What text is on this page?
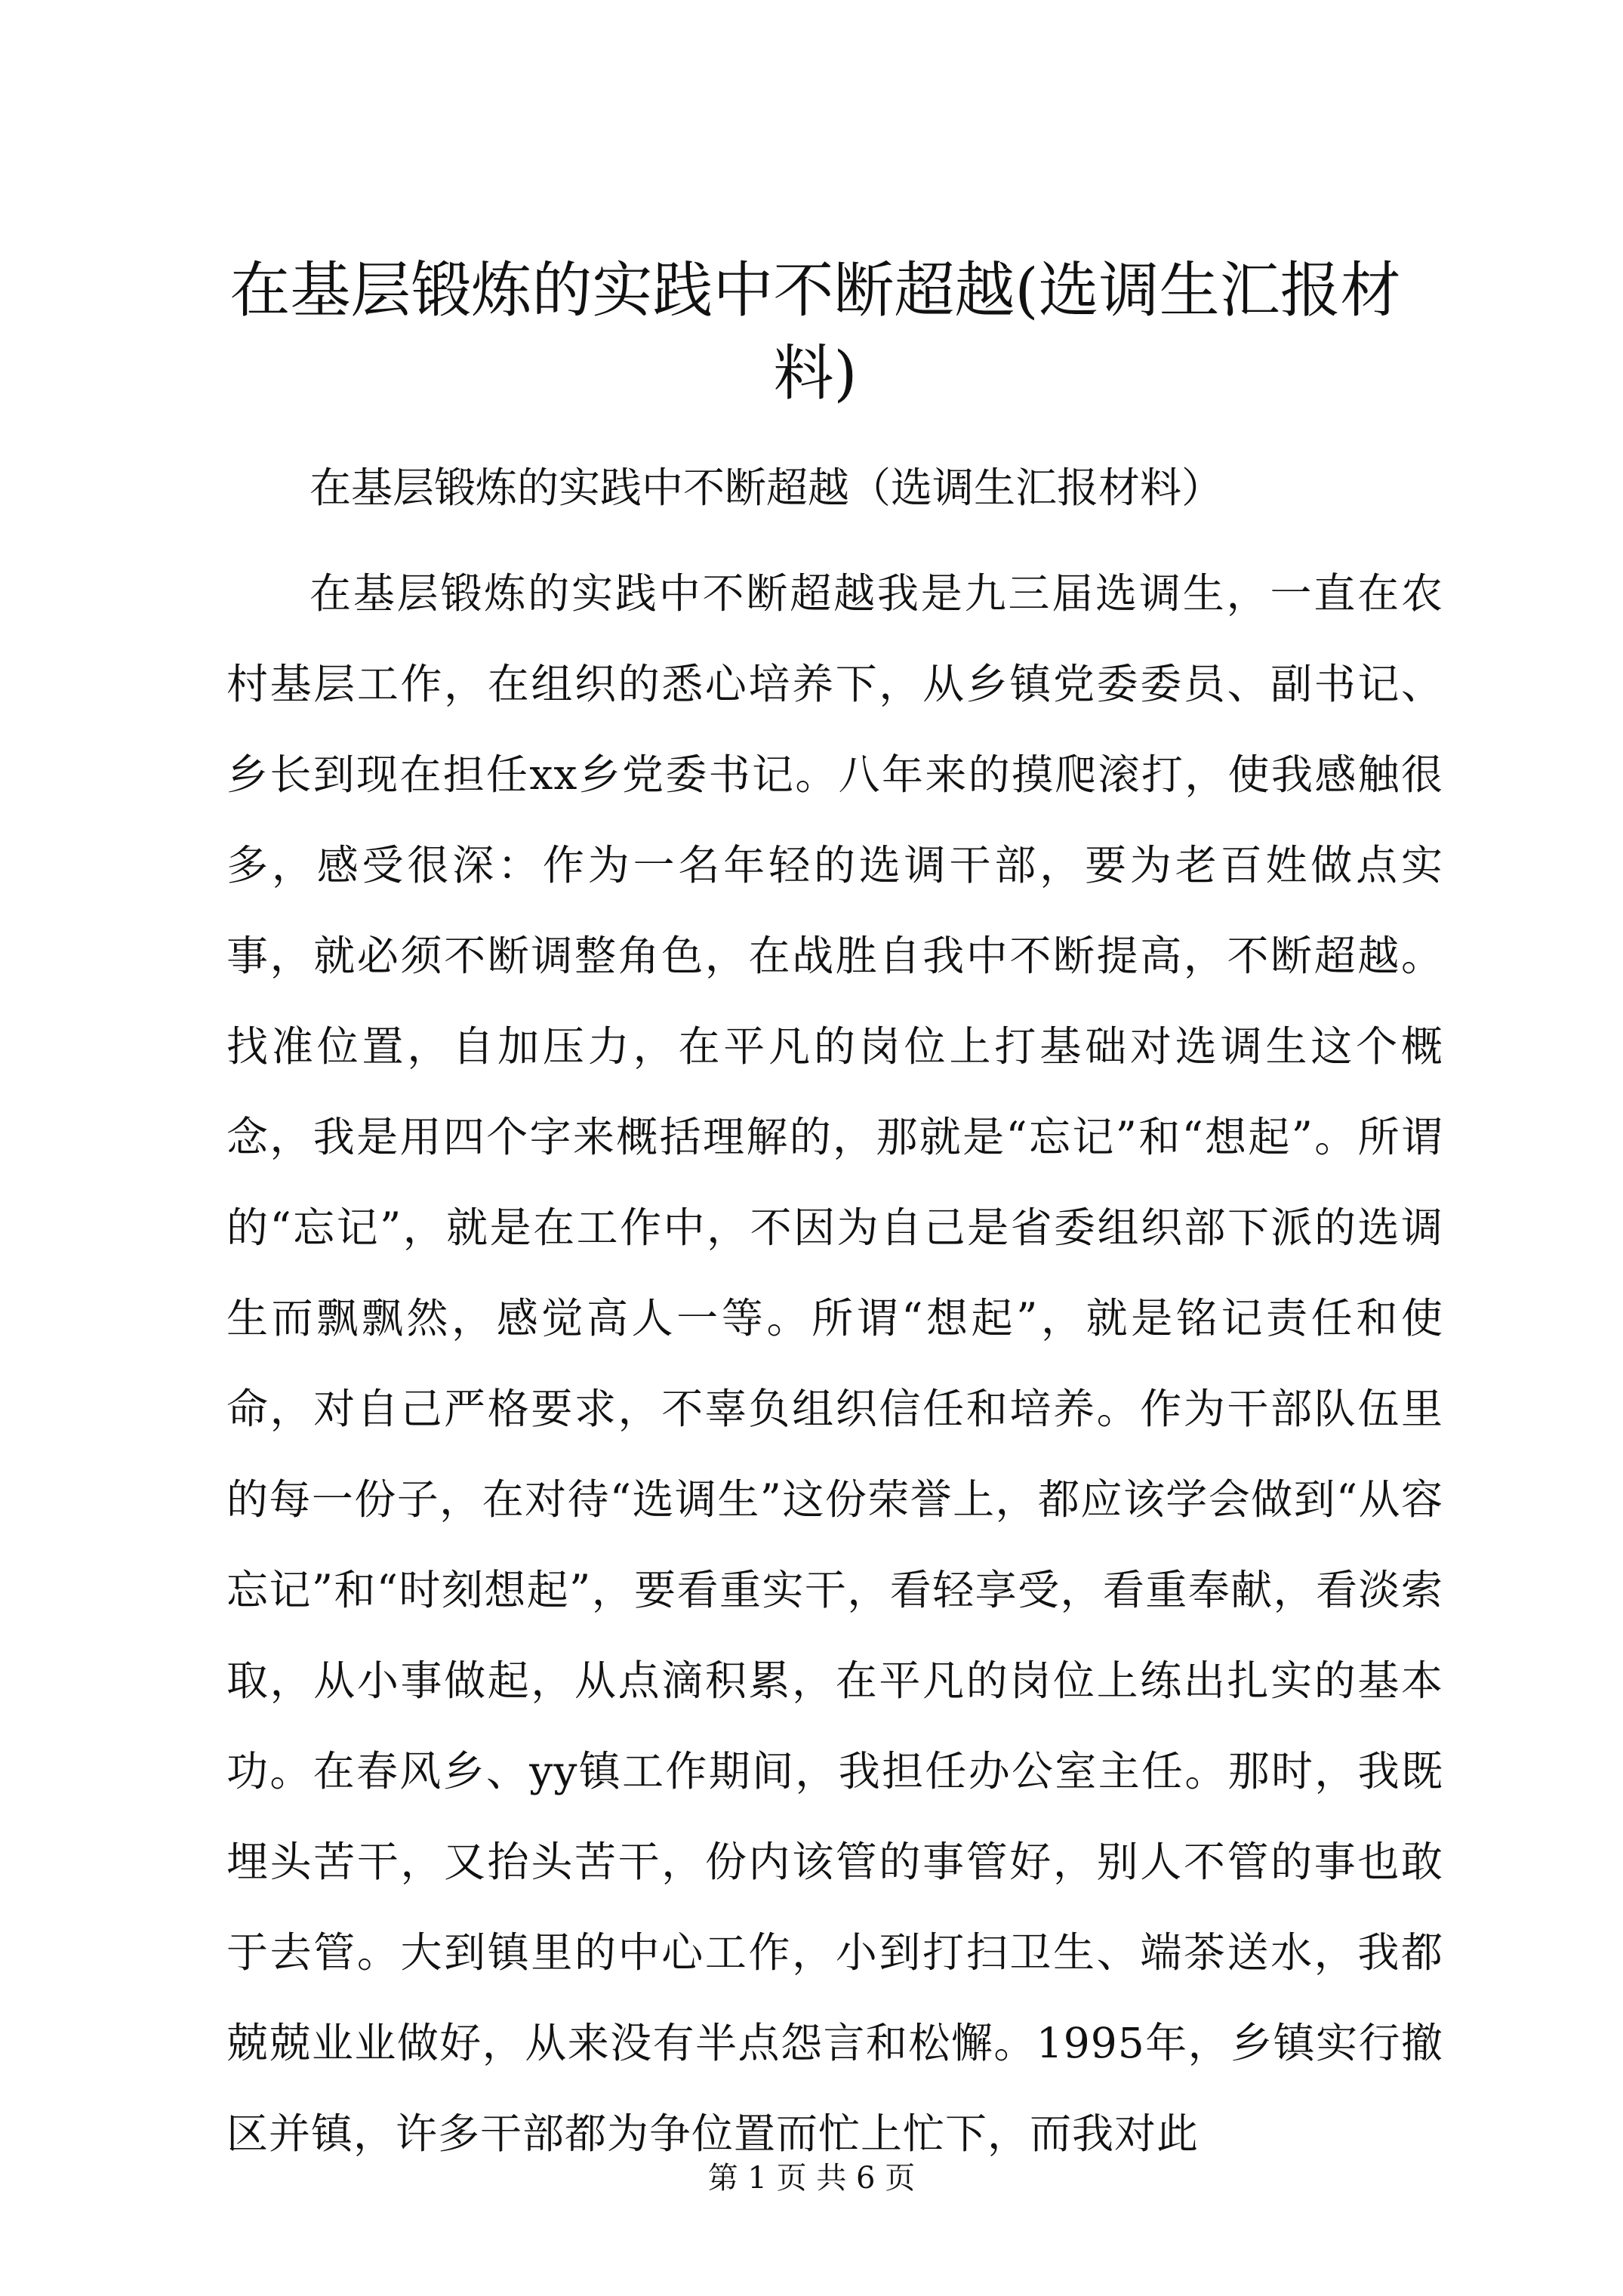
在基层锻炼的实践中不断超越(选调生汇报材料)

在基层锻炼的实践中不断超越（选调生汇报材料）

在基层锻炼的实践中不断超越我是九三届选调生，一直在农村基层工作，在组织的悉心培养下，从乡镇党委委员、副书记、乡长到现在担任xx乡党委书记。八年来的摸爬滚打，使我感触很多，感受很深：作为一名年轻的选调干部，要为老百姓做点实事，就必须不断调整角色，在战胜自我中不断提高，不断超越。找准位置，自加压力，在平凡的岗位上打基础对选调生这个概念，我是用四个字来概括理解的，那就是“忘记”和“想起”。所谓的“忘记”，就是在工作中，不因为自己是省委组织部下派的选调生而飘飘然，感觉高人一等。所谓“想起”，就是铭记责任和使命，对自己严格要求，不辜负组织信任和培养。作为干部队伍里的每一份子，在对待“选调生”这份荣誉上，都应该学会做到“从容忘记”和“时刻想起”，要看重实干，看轻享受，看重奉献，看淡索取，从小事做起，从点滴积累，在平凡的岗位上练出扎实的基本功。在春风乡、yy镇工作期间，我担任办公室主任。那时，我既埋头苦干，又抬头苦干，份内该管的事管好，别人不管的事也敢于去管。大到镇里的中心工作，小到打扫卫生、端茶送水，我都兢兢业业做好，从来没有半点怨言和松懈。1995年，乡镇实行撤区并镇，许多干部都为争位置而忙上忙下，而我对此

第 1 页 共 6 页
